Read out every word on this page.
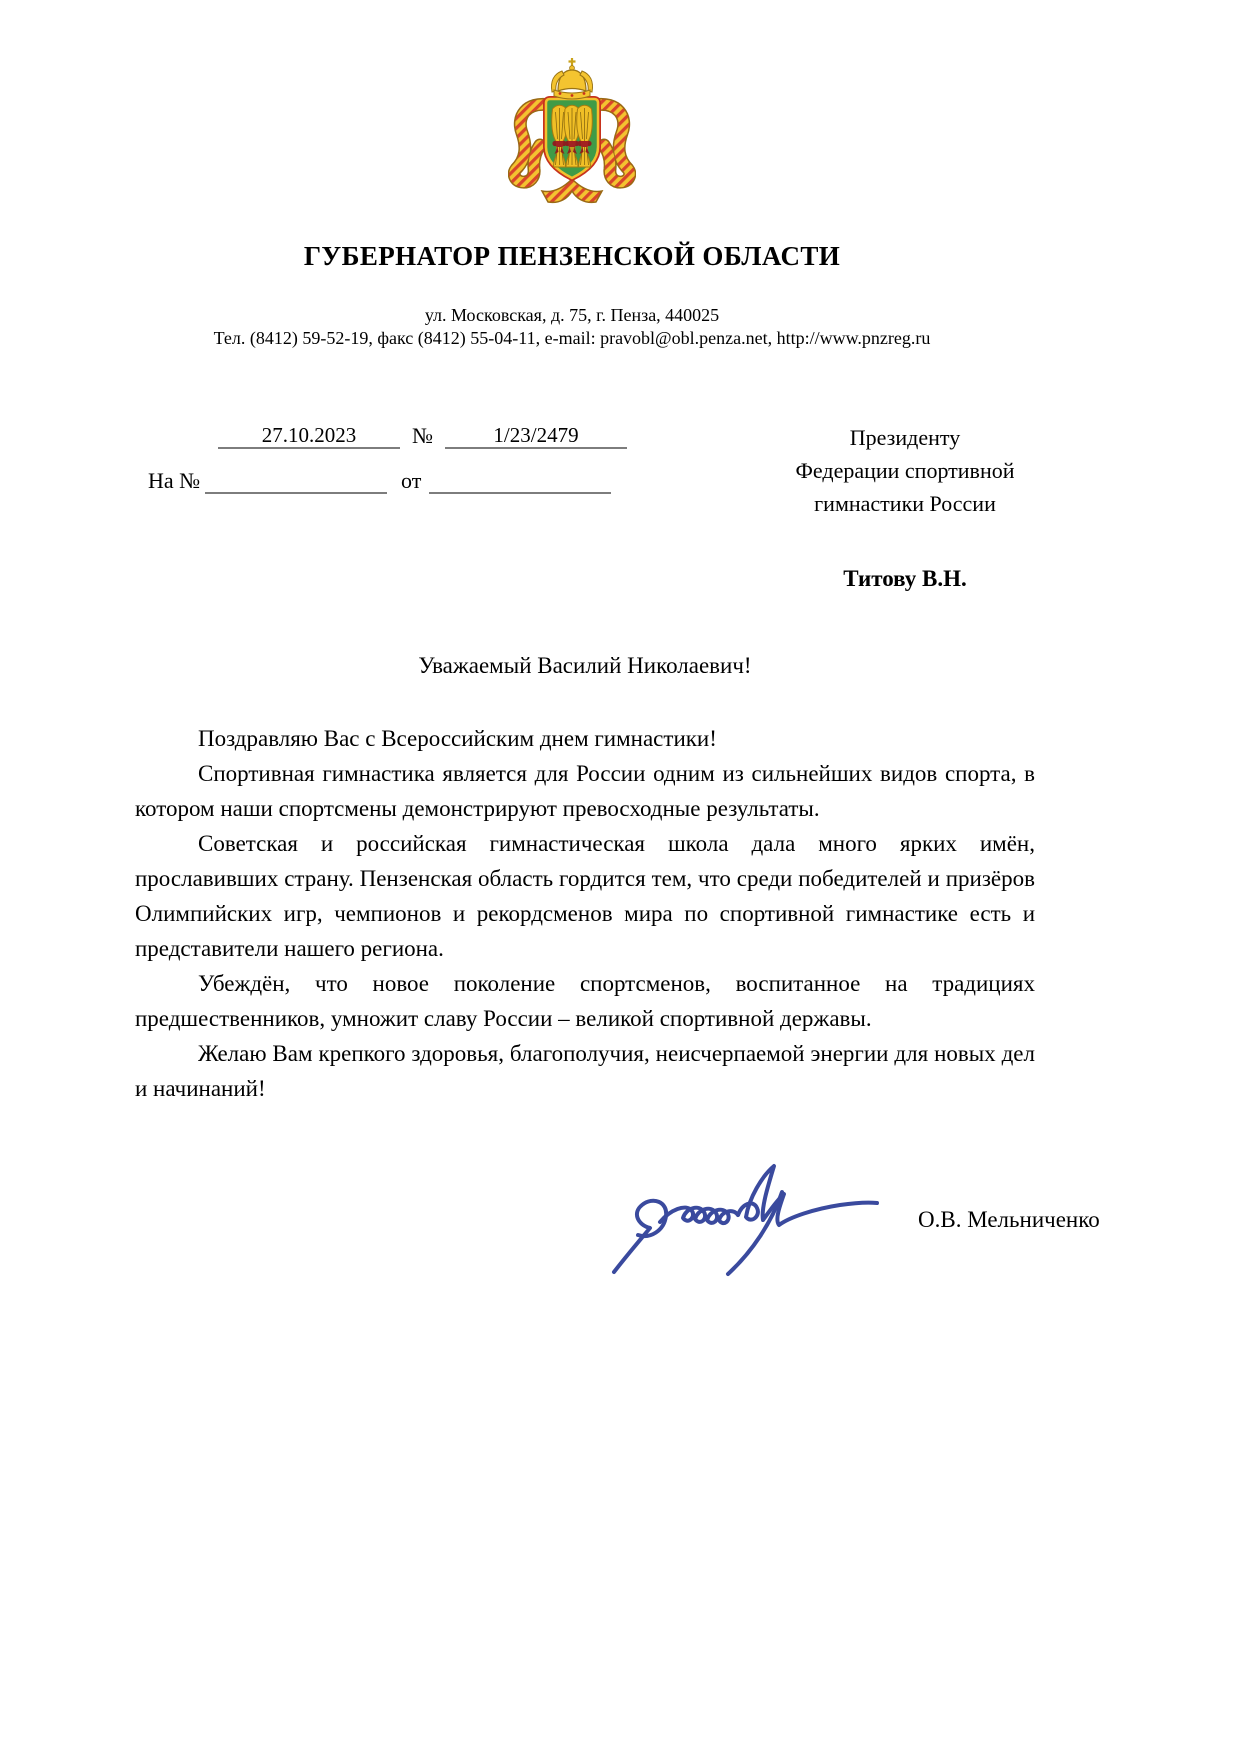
ГУБЕРНАТОР ПЕНЗЕНСКОЙ ОБЛАСТИ
ул. Московская, д. 75, г. Пенза, 440025
Тел. (8412) 59-52-19, факс (8412) 55-04-11, e-mail: pravobl@obl.penza.net, http://www.pnzreg.ru
27.10.2023	№	1/23/2479
На №	от
Президенту
Федерации спортивной
гимнастики России
Титову В.Н.
Уважаемый Василий Николаевич!

Поздравляю Вас с Всероссийским днем гимнастики!

Спортивная гимнастика является для России одним из сильнейших видов спорта, в котором наши спортсмены демонстрируют превосходные результаты.

Советская и российская гимнастическая школа дала много ярких имён, прославивших страну. Пензенская область гордится тем, что среди победителей и призёров Олимпийских игр, чемпионов и рекордсменов мира по спортивной гимнастике есть и представители нашего региона.

Убеждён, что новое поколение спортсменов, воспитанное на традициях предшественников, умножит славу России – великой спортивной державы.

Желаю Вам крепкого здоровья, благополучия, неисчерпаемой энергии для новых дел и начинаний!

О.В. Мельниченко
